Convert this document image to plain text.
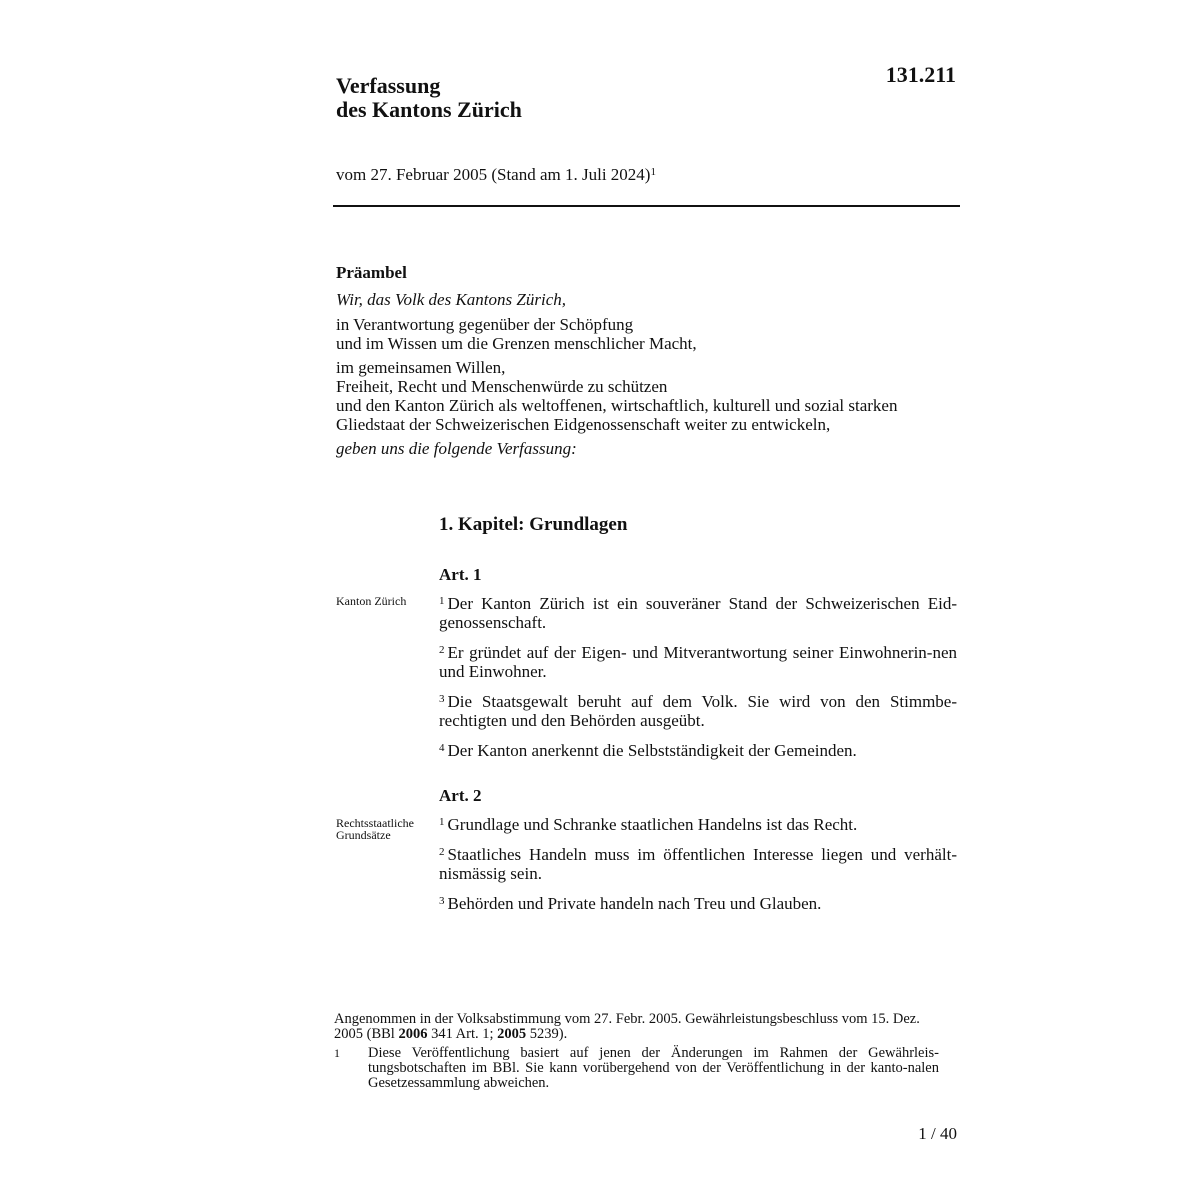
Verfassung
des Kantons Zürich
131.211
vom 27. Februar 2005 (Stand am 1. Juli 2024)$^1$
Präambel
Wir, das Volk des Kantons Zürich,
in Verantwortung gegenüber der Schöpfung
und im Wissen um die Grenzen menschlicher Macht,
im gemeinsamen Willen,
Freiheit, Recht und Menschenwürde zu schützen
und den Kanton Zürich als weltoffenen, wirtschaftlich, kulturell und sozial starken
Gliedstaat der Schweizerischen Eidgenossenschaft weiter zu entwickeln,
geben uns die folgende Verfassung:
1. Kapitel: Grundlagen
Kanton Zürich
Art. 1
$^1$ Der Kanton Zürich ist ein souveräner Stand der Schweizerischen Eid-genossenschaft.
$^2$ Er gründet auf der Eigen- und Mitverantwortung seiner Einwohnerin-nen und Einwohner.
$^3$ Die Staatsgewalt beruht auf dem Volk. Sie wird von den Stimmbe-rechtigten und den Behörden ausgeübt.
$^4$ Der Kanton anerkennt die Selbstständigkeit der Gemeinden.
Rechtsstaatliche
Grundsätze
Art. 2
$^1$ Grundlage und Schranke staatlichen Handelns ist das Recht.
$^2$ Staatliches Handeln muss im öffentlichen Interesse liegen und verhält-nismässig sein.
$^3$ Behörden und Private handeln nach Treu und Glauben.
Angenommen in der Volksabstimmung vom 27. Febr. 2005. Gewährleistungsbeschluss vom 15. Dez. 2005 (BBl 2006 341 Art. 1; 2005 5239).
1	Diese Veröffentlichung basiert auf jenen der Änderungen im Rahmen der Gewährleis-tungsbotschaften im BBl. Sie kann vorübergehend von der Veröffentlichung in der kanto-nalen Gesetzessammlung abweichen.
1 / 40
